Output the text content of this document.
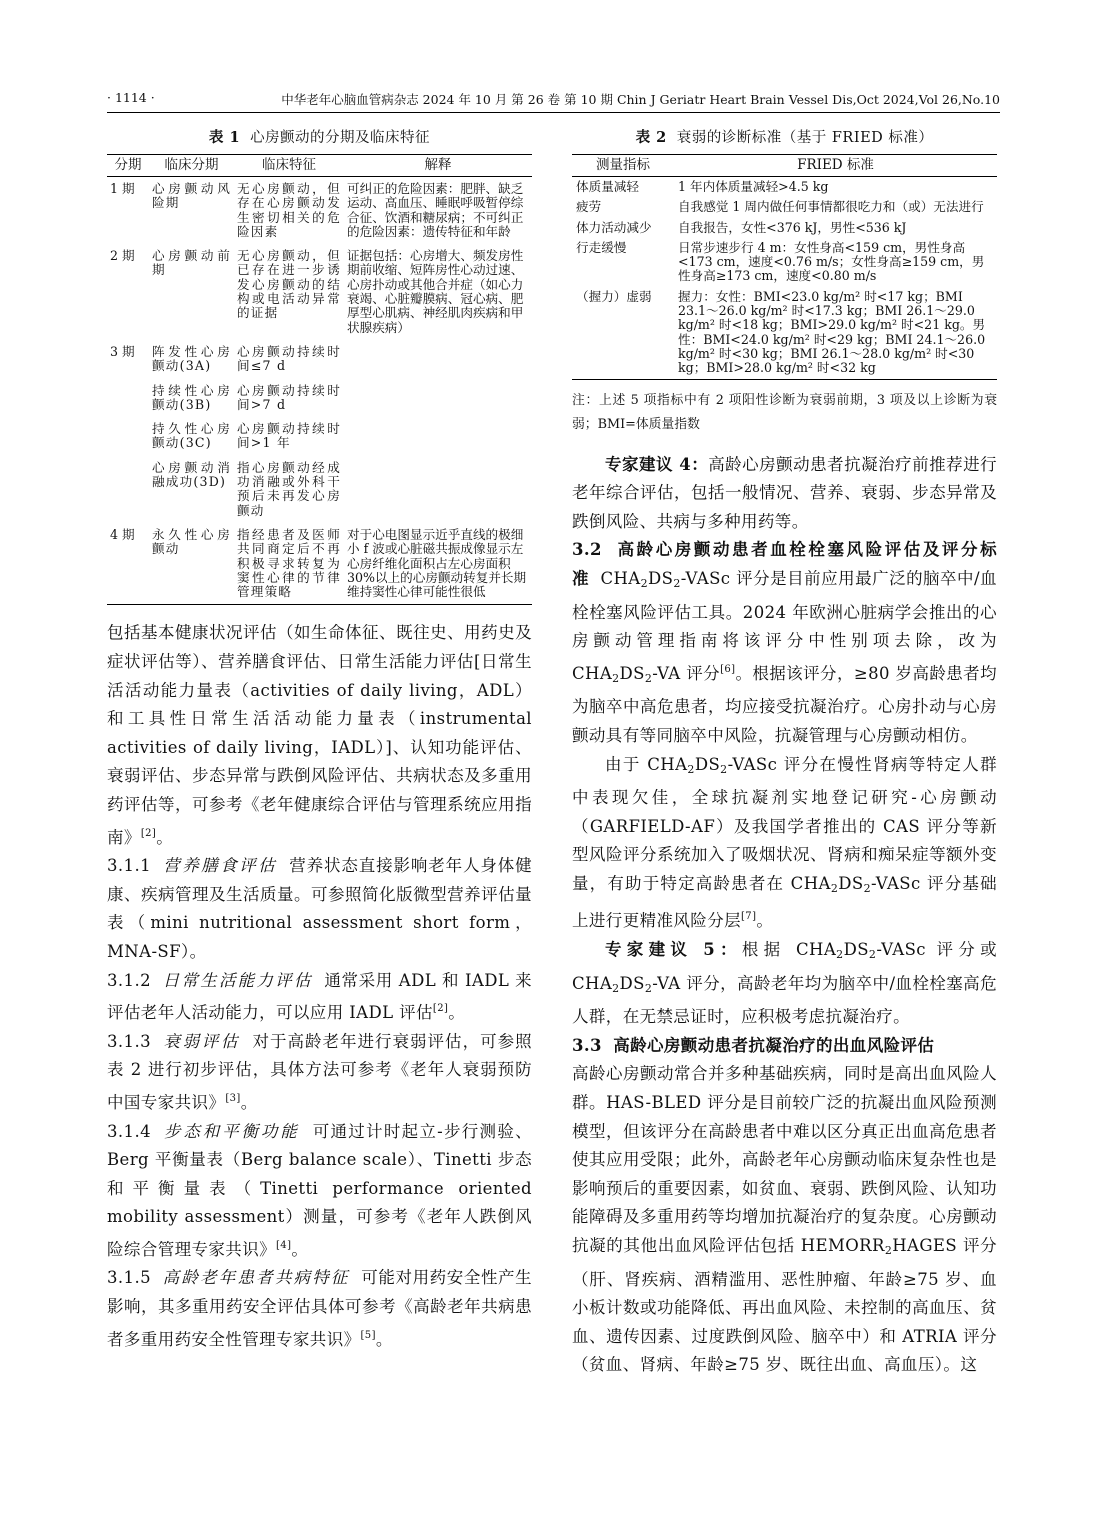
· 1114 ·	中华老年心脑血管病杂志 2024 年 10 月 第 26 卷 第 10 期 Chin J Geriatr Heart Brain Vessel Dis,Oct 2024,Vol 26,No.10
表 1 心房颤动的分期及临床特征
分期	临床分期	临床特征	解释
1 期	心房颤动风险期	无心房颤动，但存在心房颤动发生密切相关的危险因素	可纠正的危险因素：肥胖、缺乏运动、高血压、睡眠呼吸暂停综合征、饮酒和糖尿病；不可纠正的危险因素：遗传特征和年龄
2 期	心房颤动前期	无心房颤动，但已存在进一步诱发心房颤动的结构或电活动异常的证据	证据包括：心房增大、频发房性期前收缩、短阵房性心动过速、心房扑动或其他合并症（如心力衰竭、心脏瓣膜病、冠心病、肥厚型心肌病、神经肌肉疾病和甲状腺疾病）
3 期	阵发性心房颤动(3A)	心房颤动持续时间≤7 d	
	持续性心房颤动(3B)	心房颤动持续时间>7 d	
	持久性心房颤动(3C)	心房颤动持续时间>1 年	
	心房颤动消融成功(3D)	指心房颤动经成功消融或外科干预后未再发心房颤动	
4 期	永久性心房颤动	指经患者及医师共同商定后不再积极寻求转复为窦性心律的节律管理策略	对于心电图显示近乎直线的极细小 f 波或心脏磁共振成像显示左心房纤维化面积占左心房面积 30%以上的心房颤动转复并长期维持窦性心律可能性很低

包括基本健康状况评估（如生命体征、既往史、用药史及症状评估等）、营养膳食评估、日常生活能力评估[日常生活活动能力量表（activities of daily living，ADL）和工具性日常生活活动能力量表（instrumental activities of daily living，IADL）]、认知功能评估、衰弱评估、步态异常与跌倒风险评估、共病状态及多重用药评估等，可参考《老年健康综合评估与管理系统应用指南》[2]。

3.1.1 营养膳食评估 营养状态直接影响老年人身体健康、疾病管理及生活质量。可参照简化版微型营养评估量表（mini nutritional assessment short form，MNA-SF）。

3.1.2 日常生活能力评估 通常采用 ADL 和 IADL 来评估老年人活动能力，可以应用 IADL 评估[2]。

3.1.3 衰弱评估 对于高龄老年进行衰弱评估，可参照表 2 进行初步评估，具体方法可参考《老年人衰弱预防中国专家共识》[3]。

3.1.4 步态和平衡功能 可通过计时起立-步行测验、Berg 平衡量表（Berg balance scale）、Tinetti 步态和平衡量表（Tinetti performance oriented mobility assessment）测量，可参考《老年人跌倒风险综合管理专家共识》[4]。

3.1.5 高龄老年患者共病特征 可能对用药安全性产生影响，其多重用药安全评估具体可参考《高龄老年共病患者多重用药安全性管理专家共识》[5]。

表 2 衰弱的诊断标准（基于 FRIED 标准）
测量指标	FRIED 标准
体质量减轻	1 年内体质量减轻>4.5 kg
疲劳	自我感觉 1 周内做任何事情都很吃力和（或）无法进行
体力活动减少	自我报告，女性<376 kJ，男性<536 kJ
行走缓慢	日常步速步行 4 m：女性身高<159 cm，男性身高<173 cm，速度<0.76 m/s；女性身高≥159 cm，男性身高≥173 cm，速度<0.80 m/s
（握力）虚弱	握力：女性：BMI<23.0 kg/m² 时<17 kg；BMI 23.1～26.0 kg/m² 时<17.3 kg；BMI 26.1～29.0 kg/m² 时<18 kg；BMI>29.0 kg/m² 时<21 kg。男性：BMI<24.0 kg/m² 时<29 kg；BMI 24.1～26.0 kg/m² 时<30 kg；BMI 26.1～28.0 kg/m² 时<30 kg；BMI>28.0 kg/m² 时<32 kg
注：上述 5 项指标中有 2 项阳性诊断为衰弱前期，3 项及以上诊断为衰弱；BMI=体质量指数

专家建议 4：高龄心房颤动患者抗凝治疗前推荐进行老年综合评估，包括一般情况、营养、衰弱、步态异常及跌倒风险、共病与多种用药等。

3.2 高龄心房颤动患者血栓栓塞风险评估及评分标准 $CHA_2DS_2$-VASc 评分是目前应用最广泛的脑卒中/血栓栓塞风险评估工具。2024 年欧洲心脏病学会推出的心房颤动管理指南将该评分中性别项去除，改为 $CHA_2DS_2-VA$ 评分[6]。根据该评分，≥80 岁高龄患者均为脑卒中高危患者，均应接受抗凝治疗。心房扑动与心房颤动具有等同脑卒中风险，抗凝管理与心房颤动相仿。

由于 $CHA_2DS_2$-VASc 评分在慢性肾病等特定人群中表现欠佳，全球抗凝剂实地登记研究-心房颤动（GARFIELD-AF）及我国学者推出的 CAS 评分等新型风险评分系统加入了吸烟状况、肾病和痴呆症等额外变量，有助于特定高龄患者在 $CHA_2DS_2$-VASc 评分基础上进行更精准风险分层[7]。

专家建议 5：根据 $CHA_2DS_2$-VASc 评分或 $CHA_2DS_2-VA$ 评分，高龄老年均为脑卒中/血栓栓塞高危人群，在无禁忌证时，应积极考虑抗凝治疗。

3.3 高龄心房颤动患者抗凝治疗的出血风险评估

高龄心房颤动常合并多种基础疾病，同时是高出血风险人群。HAS-BLED 评分是目前较广泛的抗凝出血风险预测模型，但该评分在高龄患者中难以区分真正出血高危患者使其应用受限；此外，高龄老年心房颤动临床复杂性也是影响预后的重要因素，如贫血、衰弱、跌倒风险、认知功能障碍及多重用药等均增加抗凝治疗的复杂度。心房颤动抗凝的其他出血风险评估包括 $HEMORR_2HAGES$ 评分（肝、肾疾病、酒精滥用、恶性肿瘤、年龄≥75 岁、血小板计数或功能降低、再出血风险、未控制的高血压、贫血、遗传因素、过度跌倒风险、脑卒中）和 ATRIA 评分（贫血、肾病、年龄≥75 岁、既往出血、高血压）。这
